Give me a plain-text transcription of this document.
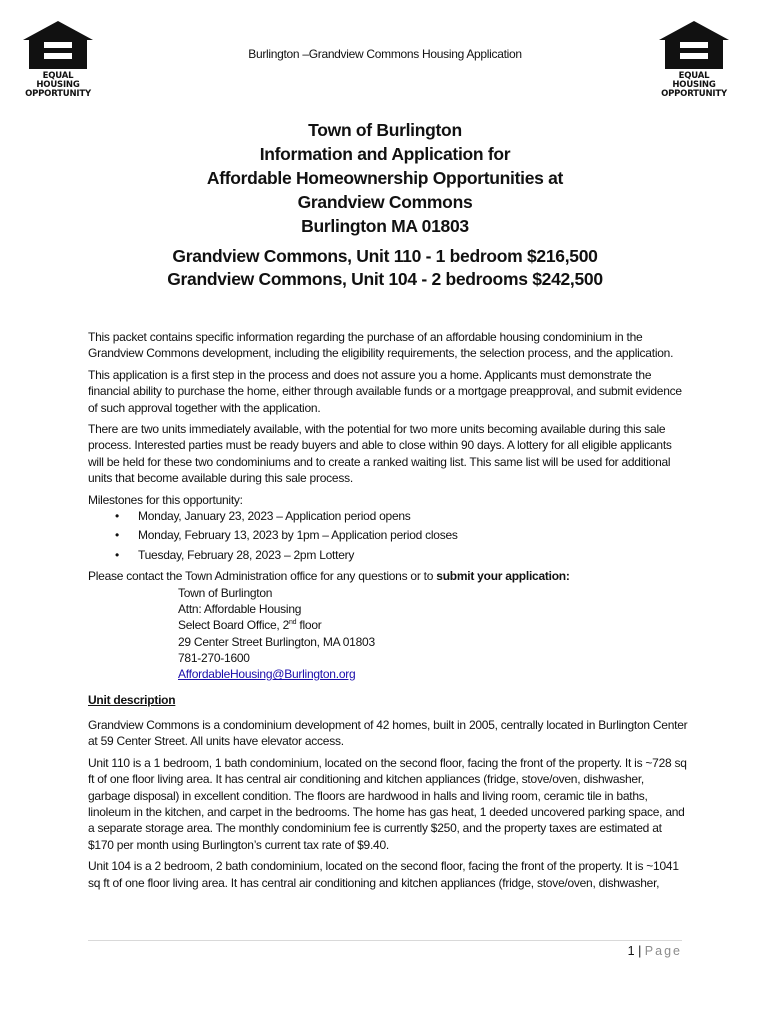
EQUAL HOUSING
OPPORTUNITY
EQUAL HOUSING
OPPORTUNITY
Burlington –Grandview Commons Housing Application
Town of Burlington
Information and Application for
Affordable Homeownership Opportunities at
Grandview Commons
Burlington MA 01803
Grandview Commons, Unit 110 - 1 bedroom $216,500
Grandview Commons, Unit 104 - 2 bedrooms $242,500

This packet contains specific information regarding the purchase of an affordable housing condominium in the Grandview Commons development, including the eligibility requirements, the selection process, and the application.

This application is a first step in the process and does not assure you a home. Applicants must demonstrate the financial ability to purchase the home, either through available funds or a mortgage preapproval, and submit evidence of such approval together with the application.

There are two units immediately available, with the potential for two more units becoming available during this sale process. Interested parties must be ready buyers and able to close within 90 days. A lottery for all eligible applicants will be held for these two condominiums and to create a ranked waiting list. This same list will be used for additional units that become available during this sale process.

Milestones for this opportunity:
• Monday, January 23, 2023 – Application period opens
• Monday, February 13, 2023 by 1pm – Application period closes
• Tuesday, February 28, 2023 – 2pm Lottery
Please contact the Town Administration office for any questions or to submit your application:
Town of Burlington
Attn: Affordable Housing
Select Board Office, 2nd floor
29 Center Street Burlington, MA 01803
781-270-1600
AffordableHousing@Burlington.org
Unit description

Grandview Commons is a condominium development of 42 homes, built in 2005, centrally located in Burlington Center at 59 Center Street. All units have elevator access.

Unit 110 is a 1 bedroom, 1 bath condominium, located on the second floor, facing the front of the property. It is ~728 sq ft of one floor living area. It has central air conditioning and kitchen appliances (fridge, stove/oven, dishwasher, garbage disposal) in excellent condition. The floors are hardwood in halls and living room, ceramic tile in baths, linoleum in the kitchen, and carpet in the bedrooms. The home has gas heat, 1 deeded uncovered parking space, and a separate storage area. The monthly condominium fee is currently $250, and the property taxes are estimated at $170 per month using Burlington’s current tax rate of $9.40.

Unit 104 is a 2 bedroom, 2 bath condominium, located on the second floor, facing the front of the property. It is ~1041 sq ft of one floor living area. It has central air conditioning and kitchen appliances (fridge, stove/oven, dishwasher,

1 | Page
